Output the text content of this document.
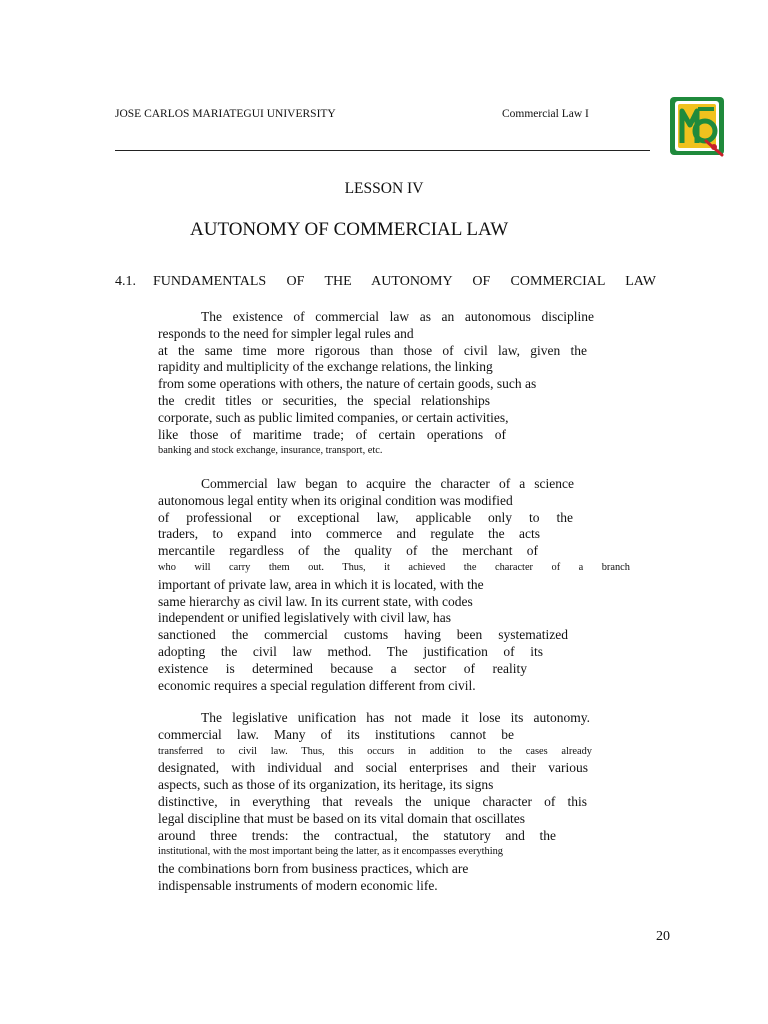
JOSE CARLOS MARIATEGUI UNIVERSITY	Commercial Law I
LESSON IV
AUTONOMY OF COMMERCIAL LAW
4.1. FUNDAMENTALS OF THE AUTONOMY OF COMMERCIAL LAW
The existence of commercial law as an autonomous discipline
responds to the need for simpler legal rules and
at the same time more rigorous than those of civil law, given the
rapidity and multiplicity of the exchange relations, the linking
from some operations with others, the nature of certain goods, such as
the credit titles or securities, the special relationships
corporate, such as public limited companies, or certain activities,
like those of maritime trade; of certain operations of
banking and stock exchange, insurance, transport, etc.
Commercial law began to acquire the character of a science
autonomous legal entity when its original condition was modified
of professional or exceptional law, applicable only to the
traders, to expand into commerce and regulate the acts
mercantile regardless of the quality of the merchant of
who will carry them out. Thus, it achieved the character of a branch
important of private law, area in which it is located, with the
same hierarchy as civil law. In its current state, with codes
independent or unified legislatively with civil law, has
sanctioned the commercial customs having been systematized
adopting the civil law method. The justification of its
existence is determined because a sector of reality
economic requires a special regulation different from civil.
The legislative unification has not made it lose its autonomy.
commercial law. Many of its institutions cannot be
transferred to civil law. Thus, this occurs in addition to the cases already
designated, with individual and social enterprises and their various
aspects, such as those of its organization, its heritage, its signs
distinctive, in everything that reveals the unique character of this
legal discipline that must be based on its vital domain that oscillates
around three trends: the contractual, the statutory and the
institutional, with the most important being the latter, as it encompasses everything
the combinations born from business practices, which are
indispensable instruments of modern economic life.
20
